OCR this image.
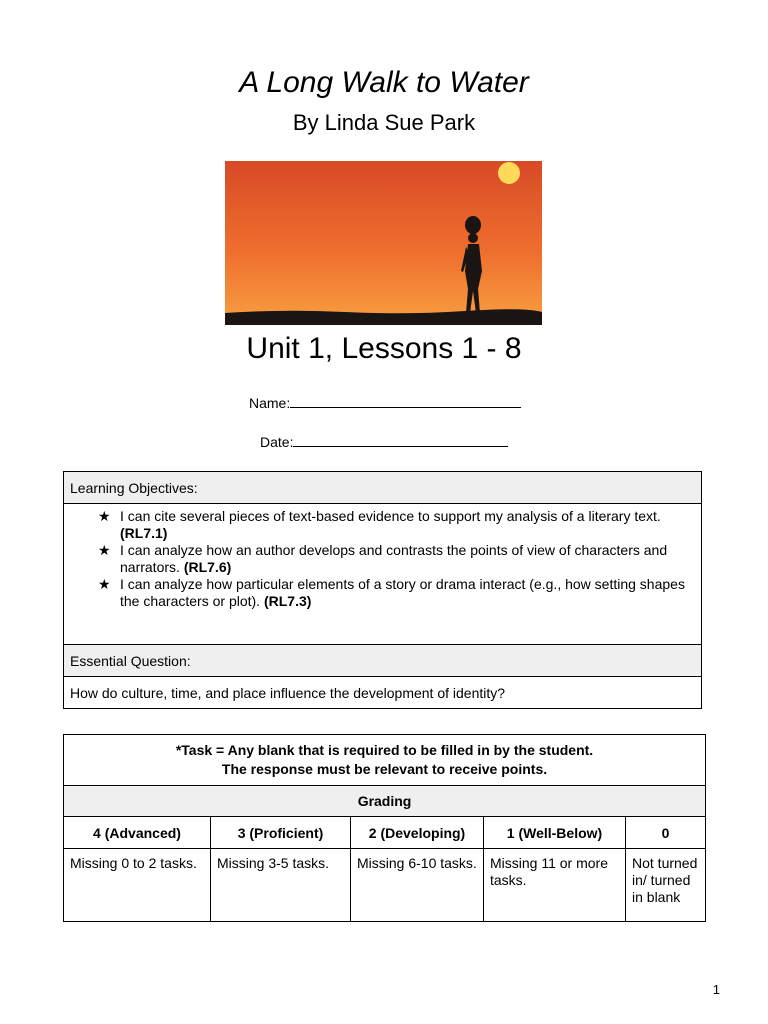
A Long Walk to Water
By Linda Sue Park
Unit 1, Lessons 1 - 8
Name:
Date:
Learning Objectives:

★ I can cite several pieces of text-based evidence to support my analysis of a literary text. (RL7.1)
★ I can analyze how an author develops and contrasts the points of view of characters and narrators. (RL7.6)
★ I can analyze how particular elements of a story or drama interact (e.g., how setting shapes the characters or plot). (RL7.3)

Essential Question:
How do culture, time, and place influence the development of identity?
*Task = Any blank that is required to be filled in by the student.
The response must be relevant to receive points.				
Grading				
4 (Advanced)	3 (Proficient)	2 (Developing)	1 (Well-Below)	0
Missing 0 to 2 tasks.	Missing 3-5 tasks.	Missing 6-10 tasks.	Missing 11 or more tasks.	Not turned in/ turned in blank
1
